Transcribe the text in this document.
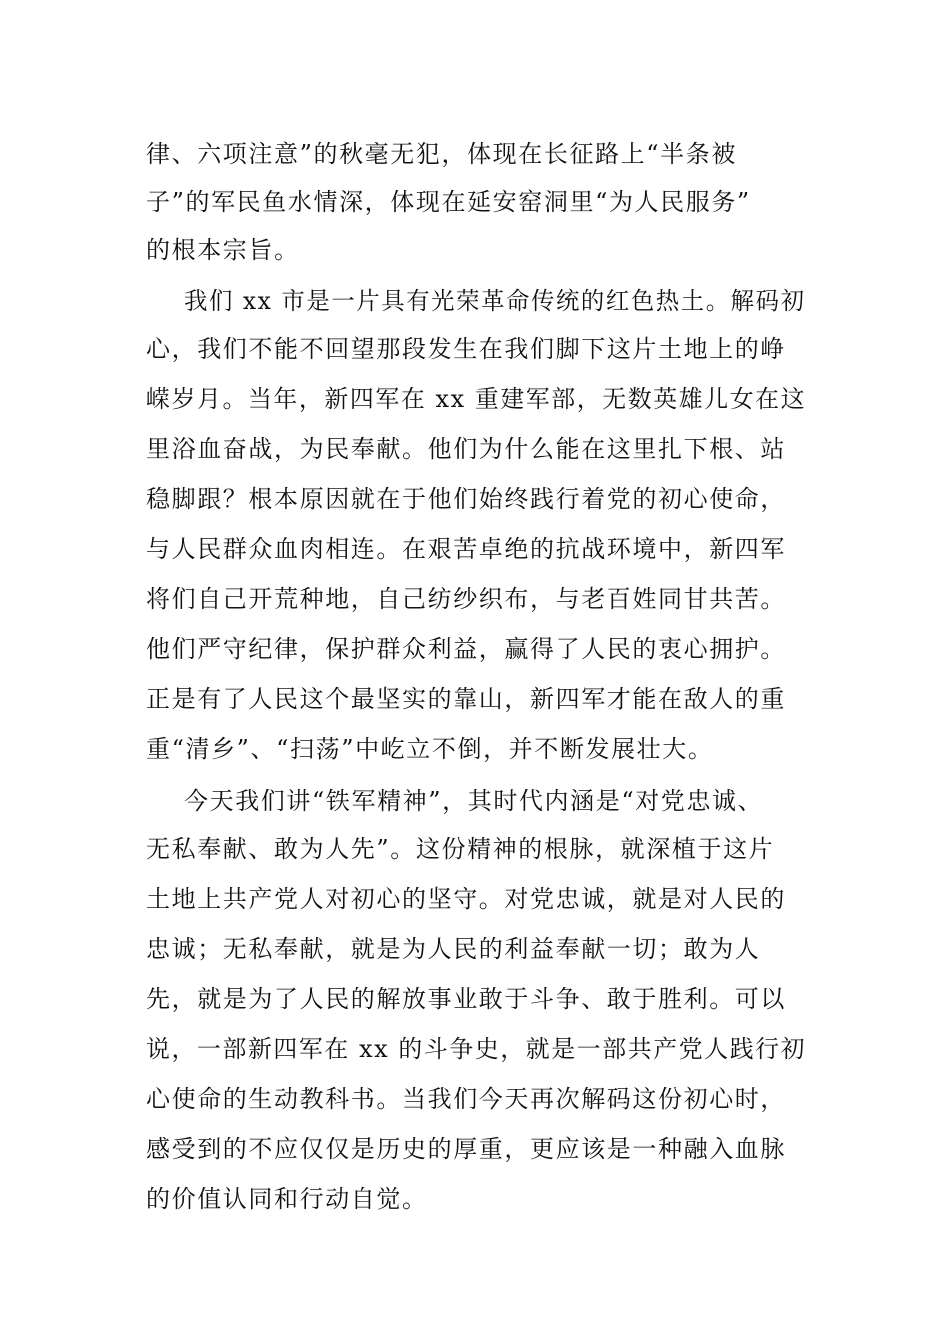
律、六项注意”的秋毫无犯，体现在长征路上“半条被
子”的军民鱼水情深，体现在延安窑洞里“为人民服务”
的根本宗旨。
我们 xx 市是一片具有光荣革命传统的红色热土。解码初
心，我们不能不回望那段发生在我们脚下这片土地上的峥
嵘岁月。当年，新四军在 xx 重建军部，无数英雄儿女在这
里浴血奋战，为民奉献。他们为什么能在这里扎下根、站
稳脚跟？根本原因就在于他们始终践行着党的初心使命，
与人民群众血肉相连。在艰苦卓绝的抗战环境中，新四军
将们自己开荒种地，自己纺纱织布，与老百姓同甘共苦。
他们严守纪律，保护群众利益，赢得了人民的衷心拥护。
正是有了人民这个最坚实的靠山，新四军才能在敌人的重
重“清乡”、“扫荡”中屹立不倒，并不断发展壮大。
今天我们讲“铁军精神”，其时代内涵是“对党忠诚、
无私奉献、敢为人先”。这份精神的根脉，就深植于这片
土地上共产党人对初心的坚守。对党忠诚，就是对人民的
忠诚；无私奉献，就是为人民的利益奉献一切；敢为人
先，就是为了人民的解放事业敢于斗争、敢于胜利。可以
说，一部新四军在 xx 的斗争史，就是一部共产党人践行初
心使命的生动教科书。当我们今天再次解码这份初心时，
感受到的不应仅仅是历史的厚重，更应该是一种融入血脉
的价值认同和行动自觉。
